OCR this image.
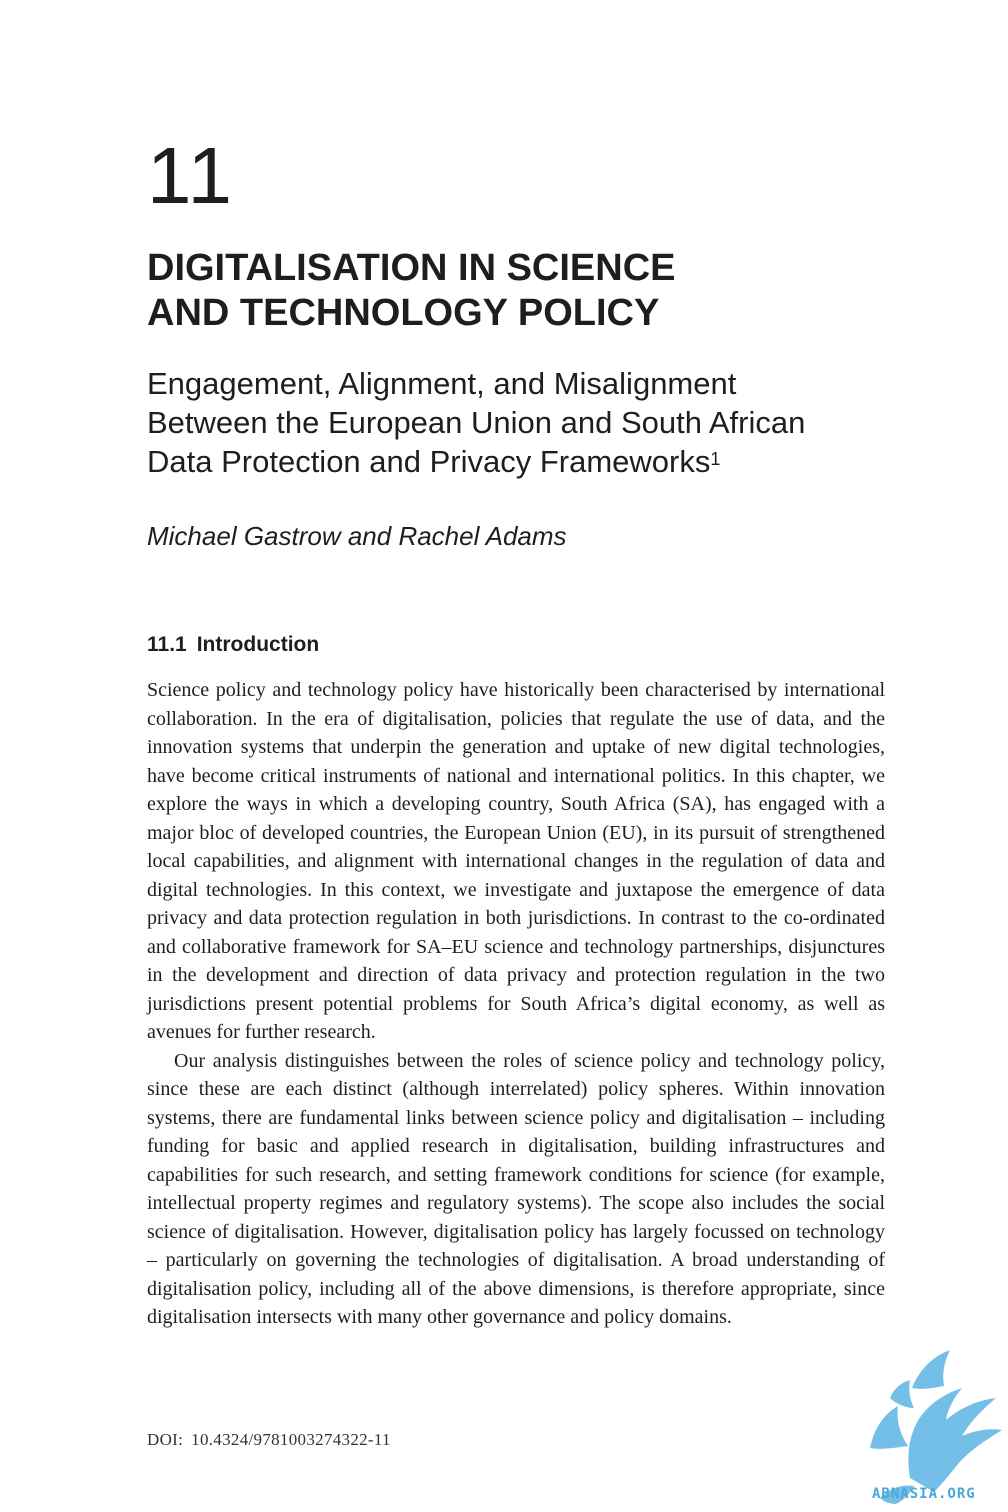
11
DIGITALISATION IN SCIENCE
AND TECHNOLOGY POLICY
Engagement, Alignment, and Misalignment
Between the European Union and South African
Data Protection and Privacy Frameworks$^1$
Michael Gastrow and Rachel Adams
11.1 Introduction

Science policy and technology policy have historically been characterised by international collaboration. In the era of digitalisation, policies that regulate the use of data, and the innovation systems that underpin the generation and uptake of new digital technologies, have become critical instruments of national and international politics. In this chapter, we explore the ways in which a developing country, South Africa (SA), has engaged with a major bloc of developed countries, the European Union (EU), in its pursuit of strengthened local capabilities, and alignment with international changes in the regulation of data and digital technologies. In this context, we investigate and juxtapose the emergence of data privacy and data protection regulation in both jurisdictions. In contrast to the co-ordinated and collaborative framework for SA–EU science and technology partnerships, disjunctures in the development and direction of data privacy and protection regulation in the two jurisdictions present potential problems for South Africa’s digital economy, as well as avenues for further research.

Our analysis distinguishes between the roles of science policy and technology policy, since these are each distinct (although interrelated) policy spheres. Within innovation systems, there are fundamental links between science policy and digitalisation – including funding for basic and applied research in digitalisation, building infrastructures and capabilities for such research, and setting framework conditions for science (for example, intellectual property regimes and regulatory systems). The scope also includes the social science of digitalisation. However, digitalisation policy has largely focussed on technology – particularly on governing the technologies of digitalisation. A broad understanding of digitalisation policy, including all of the above dimensions, is therefore appropriate, since digitalisation intersects with many other governance and policy domains.

DOI: 10.4324/9781003274322-11
ABNASIA.ORG
